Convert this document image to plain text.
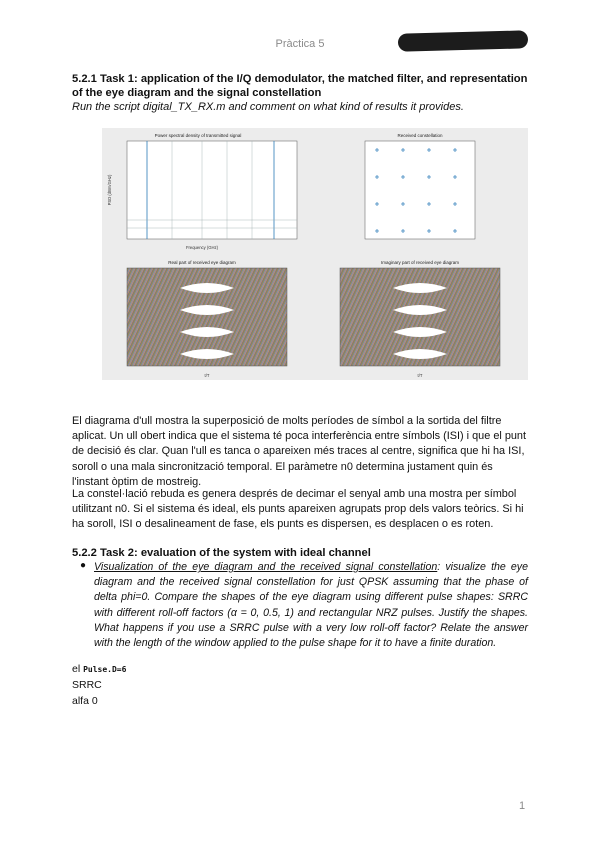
Pràctica 5
5.2.1 Task 1: application of the I/Q demodulator, the matched filter, and representation of the eye diagram and the signal constellation
Run the script digital_TX_RX.m and comment on what kind of results it provides.
Power spectral density of transmitted signal
Frequency (GHz)
PSD (dBm/GHz)
Received constellation
Real part of received eye diagram
t/T
Imaginary part of received eye diagram
t/T
El diagrama d'ull mostra la superposició de molts períodes de símbol a la sortida del filtre aplicat. Un ull obert indica que el sistema té poca interferència entre símbols (ISI) i que el punt de decisió és clar. Quan l'ull es tanca o apareixen més traces al centre, significa que hi ha ISI, soroll o una mala sincronització temporal. El paràmetre n0 determina justament quin és l'instant òptim de mostreig.
La constel·lació rebuda es genera després de decimar el senyal amb una mostra per símbol utilitzant n0. Si el sistema és ideal, els punts apareixen agrupats prop dels valors teòrics. Si hi ha soroll, ISI o desalineament de fase, els punts es dispersen, es desplacen o es roten.
5.2.2 Task 2: evaluation of the system with ideal channel
● Visualization of the eye diagram and the received signal constellation: visualize the eye diagram and the received signal constellation for just QPSK assuming that the phase of delta phi=0. Compare the shapes of the eye diagram using different pulse shapes: SRRC with different roll-off factors (α = 0, 0.5, 1) and rectangular NRZ pulses. Justify the shapes. What happens if you use a SRRC pulse with a very low roll-off factor? Relate the answer with the length of the window applied to the pulse shape for it to have a finite duration.
el Pulse.D=6
SRRC
alfa 0
1
